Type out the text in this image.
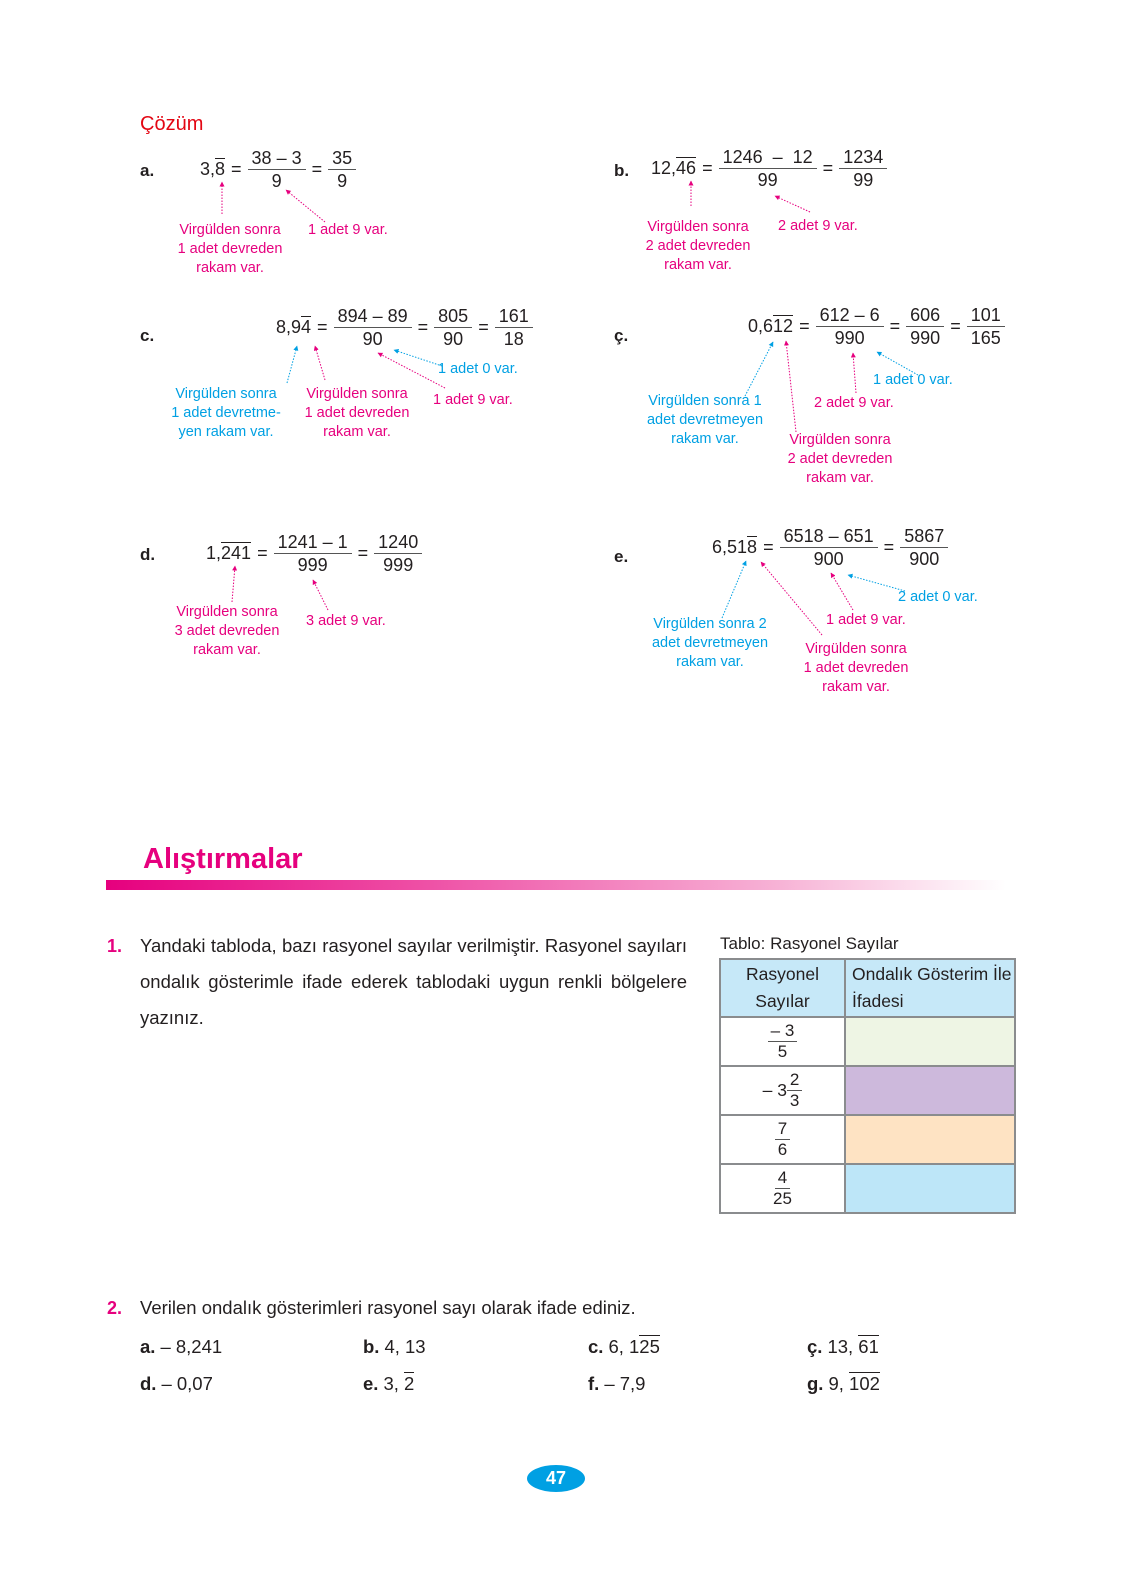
Çözüm
a.	$3,8 = \frac{38 - 3}{9} = \frac{35}{9}$
Virgülden sonra
1 adet devreden
rakam var.
1 adet 9 var.
b. $12,46 = \frac{1246 - 12}{99} = \frac{1234}{99}$
Virgülden sonra
2 adet devreden
rakam var.
2 adet 9 var.
c.	$8,94 = \frac{894 - 89}{90} = \frac{805}{90} = \frac{161}{18}$
Virgülden sonra
1 adet devretme-
yen rakam var.
Virgülden sonra
1 adet devreden
rakam var.
1 adet 0 var.
1 adet 9 var.
ç.	$0,612 = \frac{612 - 6}{990} = \frac{606}{990} = \frac{101}{165}$
Virgülden sonra 1
adet devretmeyen
rakam var.	Virgülden sonra
2 adet devreden
rakam var.
1 adet 0 var.
2 adet 9 var.
d.	$1,241 = \frac{1241 - 1}{999} = \frac{1240}{999}$
Virgülden sonra
3 adet devreden
rakam var.
3 adet 9 var.
e.	$6,518 = \frac{6518 - 651}{900} = \frac{5867}{900}$
Virgülden sonra 2
adet devretmeyen
rakam var.
Virgülden sonra
1 adet devreden
rakam var.
2 adet 0 var.
1 adet 9 var.
Alıştırmalar
1. Yandaki tabloda, bazı rasyonel sayılar verilmiştir. Rasyonel sayıları ondalık gösterimle ifade ederek tablodaki uygun renkli bölgelere yazınız.
Tablo: Rasyonel Sayılar
Rasyonel Sayılar	Ondalık Gösterim İle İfadesi

$\frac{- 3}{5}$

– $3 \frac{2}{3}$

$\frac{7}{6}$

$\frac{4}{25}$

2. Verilen ondalık gösterimleri rasyonel sayı olarak ifade ediniz.
a. – 8,241	b. 4, 13	c. 6, 125	ç. 13, 61
d. – 0,07	e. 3, 2	f. – 7,9	g. 9, 102
47
